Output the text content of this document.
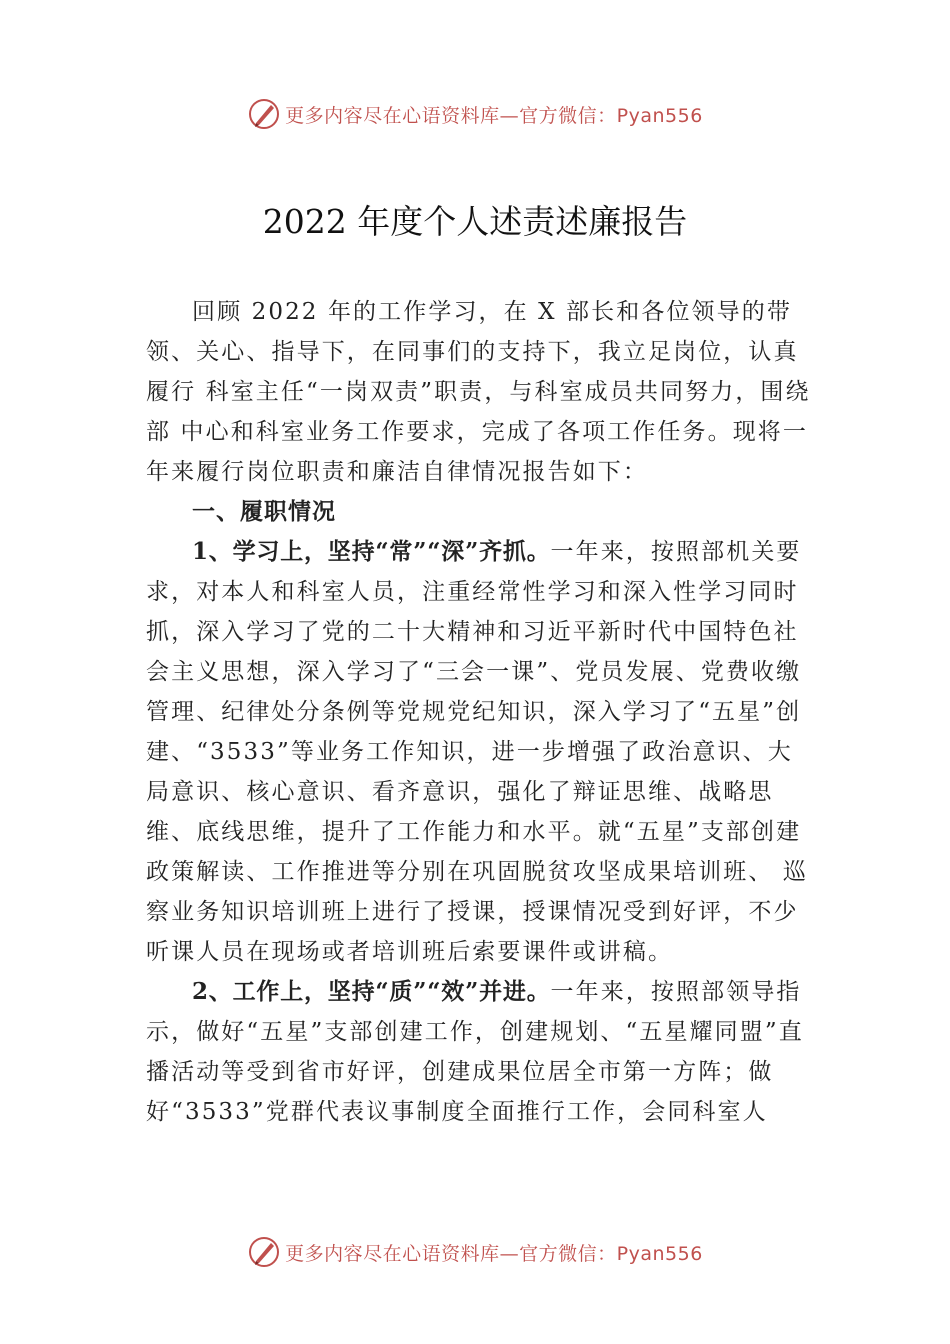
更多内容尽在心语资料库—官方微信：Pyan556
2022 年度个人述责述廉报告

回顾 2022 年的工作学习，在 X 部长和各位领导的带领、关心、指导下，在同事们的支持下，我立足岗位，认真履行 科室主任“一岗双责”职责，与科室成员共同努力，围绕部 中心和科室业务工作要求，完成了各项工作任务。现将一年来履行岗位职责和廉洁自律情况报告如下：

一、履职情况

1、学习上，坚持“常”“深”齐抓。一年来，按照部机关要求，对本人和科室人员，注重经常性学习和深入性学习同时抓，深入学习了党的二十大精神和习近平新时代中国特色社会主义思想，深入学习了“三会一课”、党员发展、党费收缴管理、纪律处分条例等党规党纪知识，深入学习了“五星”创建、“3533”等业务工作知识，进一步增强了政治意识、大局意识、核心意识、看齐意识，强化了辩证思维、战略思维、底线思维，提升了工作能力和水平。就“五星”支部创建政策解读、工作推进等分别在巩固脱贫攻坚成果培训班、 巡察业务知识培训班上进行了授课，授课情况受到好评，不少听课人员在现场或者培训班后索要课件或讲稿。

2、工作上，坚持“质”“效”并进。一年来，按照部领导指示，做好“五星”支部创建工作，创建规划、“五星耀同盟”直播活动等受到省市好评，创建成果位居全市第一方阵；做好“3533”党群代表议事制度全面推行工作，会同科室人

更多内容尽在心语资料库—官方微信：Pyan556
